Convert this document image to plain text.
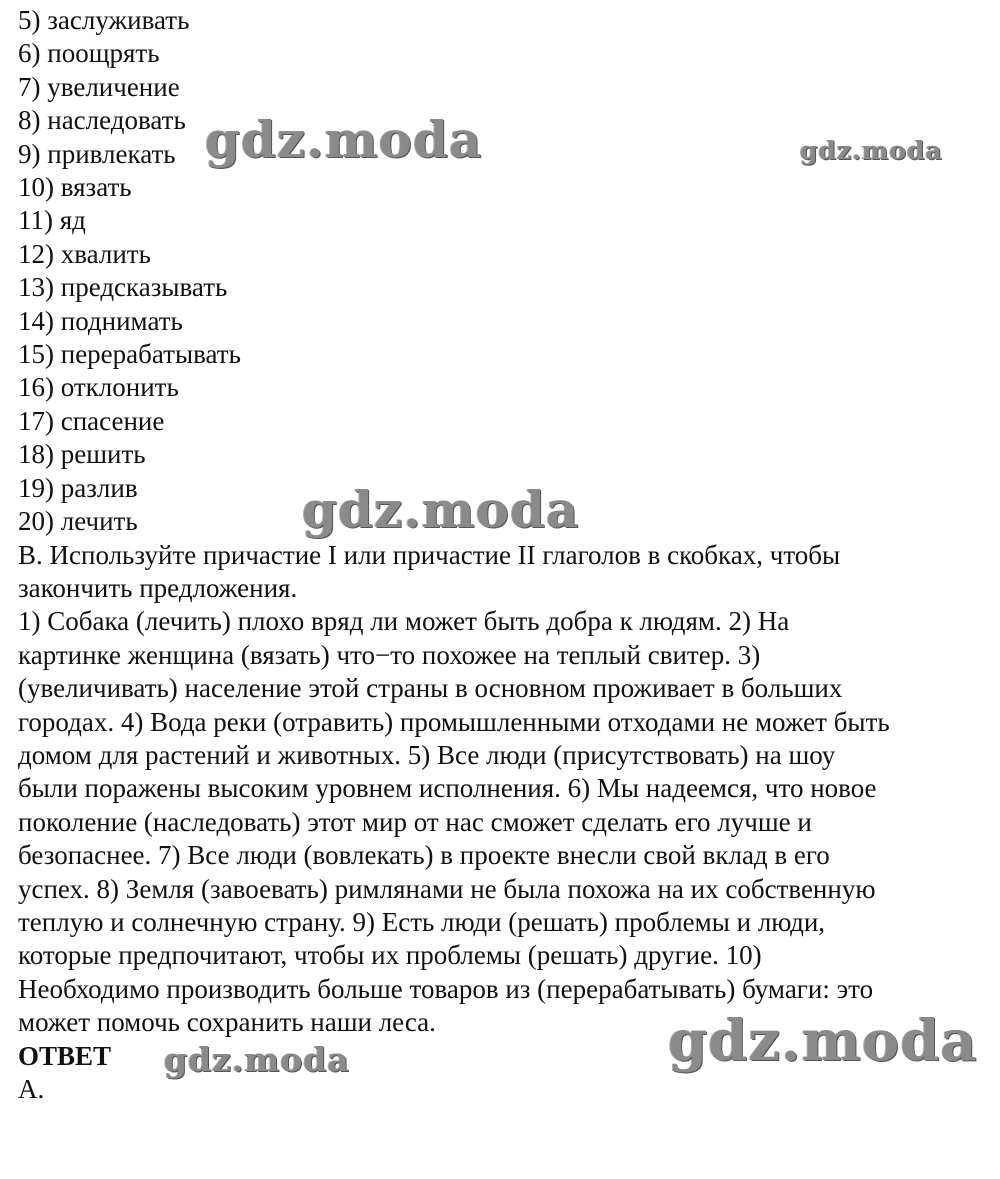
5) заслуживать
6) поощрять
7) увеличение
8) наследовать
9) привлекать
10) вязать
11) яд
12) хвалить
13) предсказывать
14) поднимать
15) перерабатывать
16) отклонить
17) спасение
18) решить
19) разлив
20) лечить
B. Используйте причастие I или причастие II глаголов в скобках, чтобы
закончить предложения.
1) Собака (лечить) плохо вряд ли может быть добра к людям. 2) На
картинке женщина (вязать) что−то похожее на теплый свитер. 3)
(увеличивать) население этой страны в основном проживает в больших
городах. 4) Вода реки (отравить) промышленными отходами не может быть
домом для растений и животных. 5) Все люди (присутствовать) на шоу
были поражены высоким уровнем исполнения. 6) Мы надеемся, что новое
поколение (наследовать) этот мир от нас сможет сделать его лучше и
безопаснее. 7) Все люди (вовлекать) в проекте внесли свой вклад в его
успех. 8) Земля (завоевать) римлянами не была похожа на их собственную
теплую и солнечную страну. 9) Есть люди (решать) проблемы и люди,
которые предпочитают, чтобы их проблемы (решать) другие. 10)
Необходимо производить больше товаров из (перерабатывать) бумаги: это
может помочь сохранить наши леса.
ОТВЕТ
A.
gdz.moda	gdz.moda
gdz.moda
gdz.moda
gdz.moda
